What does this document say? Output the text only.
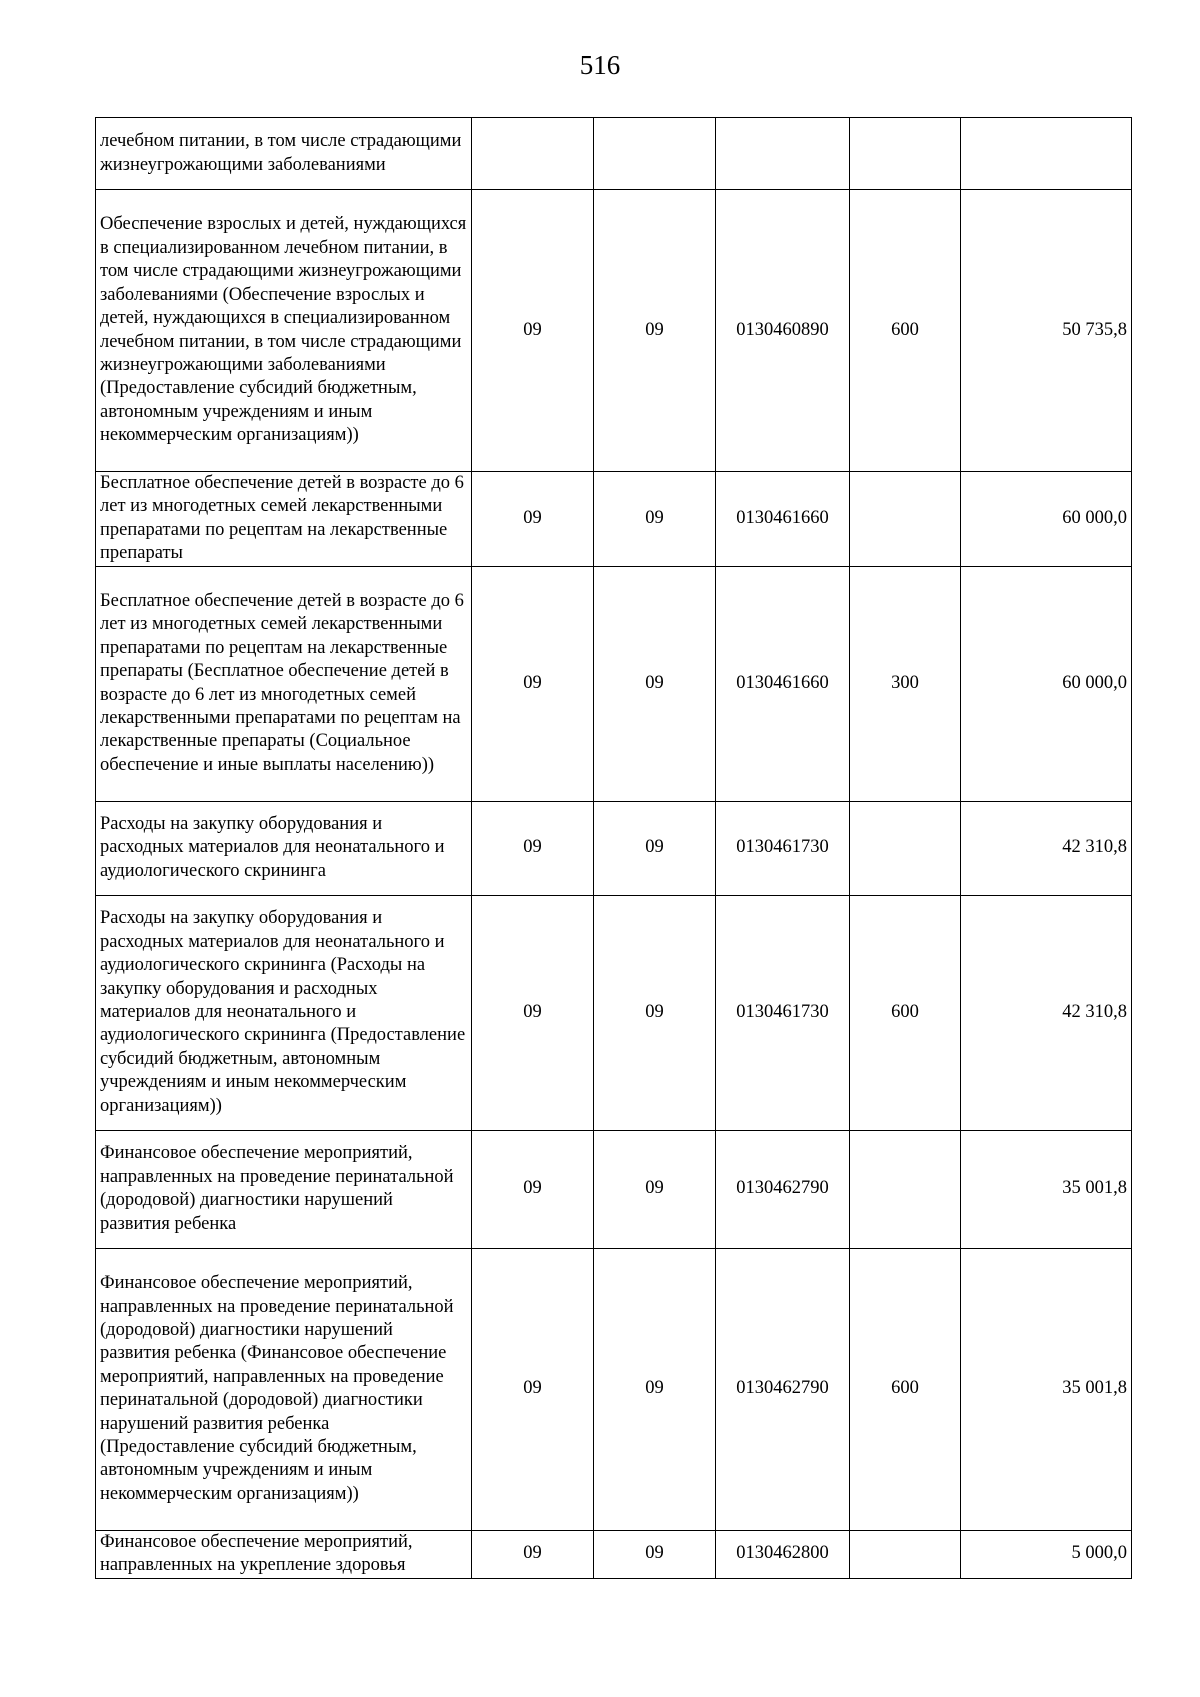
516
лечебном питании, в том числе страдающими жизнеугрожающими заболеваниями					
Обеспечение взрослых и детей, нуждающихся в специализированном лечебном питании, в том числе страдающими жизнеугрожающими заболеваниями (Обеспечение взрослых и детей, нуждающихся в специализированном лечебном питании, в том числе страдающими жизнеугрожающими заболеваниями (Предоставление субсидий бюджетным, автономным учреждениям и иным некоммерческим организациям))	09	09	0130460890	600	50 735,8
Бесплатное обеспечение детей в возрасте до 6 лет из многодетных семей лекарственными препаратами по рецептам на лекарственные препараты	09	09	0130461660		60 000,0
Бесплатное обеспечение детей в возрасте до 6 лет из многодетных семей лекарственными препаратами по рецептам на лекарственные препараты (Бесплатное обеспечение детей в возрасте до 6 лет из многодетных семей лекарственными препаратами по рецептам на лекарственные препараты (Социальное обеспечение и иные выплаты населению))	09	09	0130461660	300	60 000,0
Расходы на закупку оборудования и расходных материалов для неонатального и аудиологического скрининга	09	09	0130461730		42 310,8
Расходы на закупку оборудования и расходных материалов для неонатального и аудиологического скрининга (Расходы на закупку оборудования и расходных материалов для неонатального и аудиологического скрининга (Предоставление субсидий бюджетным, автономным учреждениям и иным некоммерческим организациям))	09	09	0130461730	600	42 310,8
Финансовое обеспечение мероприятий, направленных на проведение перинатальной (дородовой) диагностики нарушений развития ребенка	09	09	0130462790		35 001,8
Финансовое обеспечение мероприятий, направленных на проведение перинатальной (дородовой) диагностики нарушений развития ребенка (Финансовое обеспечение мероприятий, направленных на проведение перинатальной (дородовой) диагностики нарушений развития ребенка (Предоставление субсидий бюджетным, автономным учреждениям и иным некоммерческим организациям))	09	09	0130462790	600	35 001,8
Финансовое обеспечение мероприятий, направленных на укрепление здоровья	09	09	0130462800		5 000,0
